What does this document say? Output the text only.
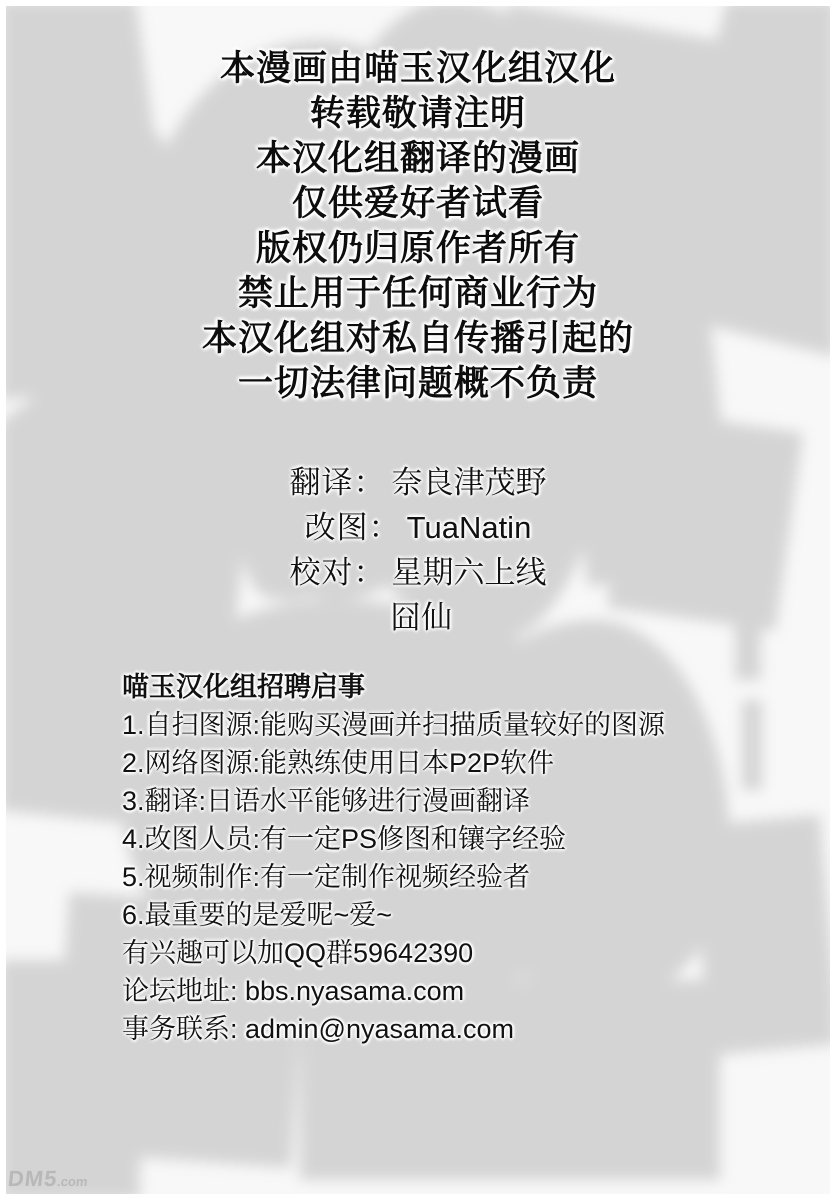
本漫画由喵玉汉化组汉化
转载敬请注明
本汉化组翻译的漫画
仅供爱好者试看
版权仍归原作者所有
禁止用于任何商业行为
本汉化组对私自传播引起的
一切法律问题概不负责
翻译： 奈良津茂野
改图： TuaNatin
校对： 星期六上线
囧仙
喵玉汉化组招聘启事
1.自扫图源:能购买漫画并扫描质量较好的图源
2.网络图源:能熟练使用日本P2P软件
3.翻译:日语水平能够进行漫画翻译
4.改图人员:有一定PS修图和镶字经验
5.视频制作:有一定制作视频经验者
6.最重要的是爱呢~爱~
有兴趣可以加QQ群59642390
论坛地址: bbs.nyasama.com
事务联系: admin@nyasama.com
DM5.com
